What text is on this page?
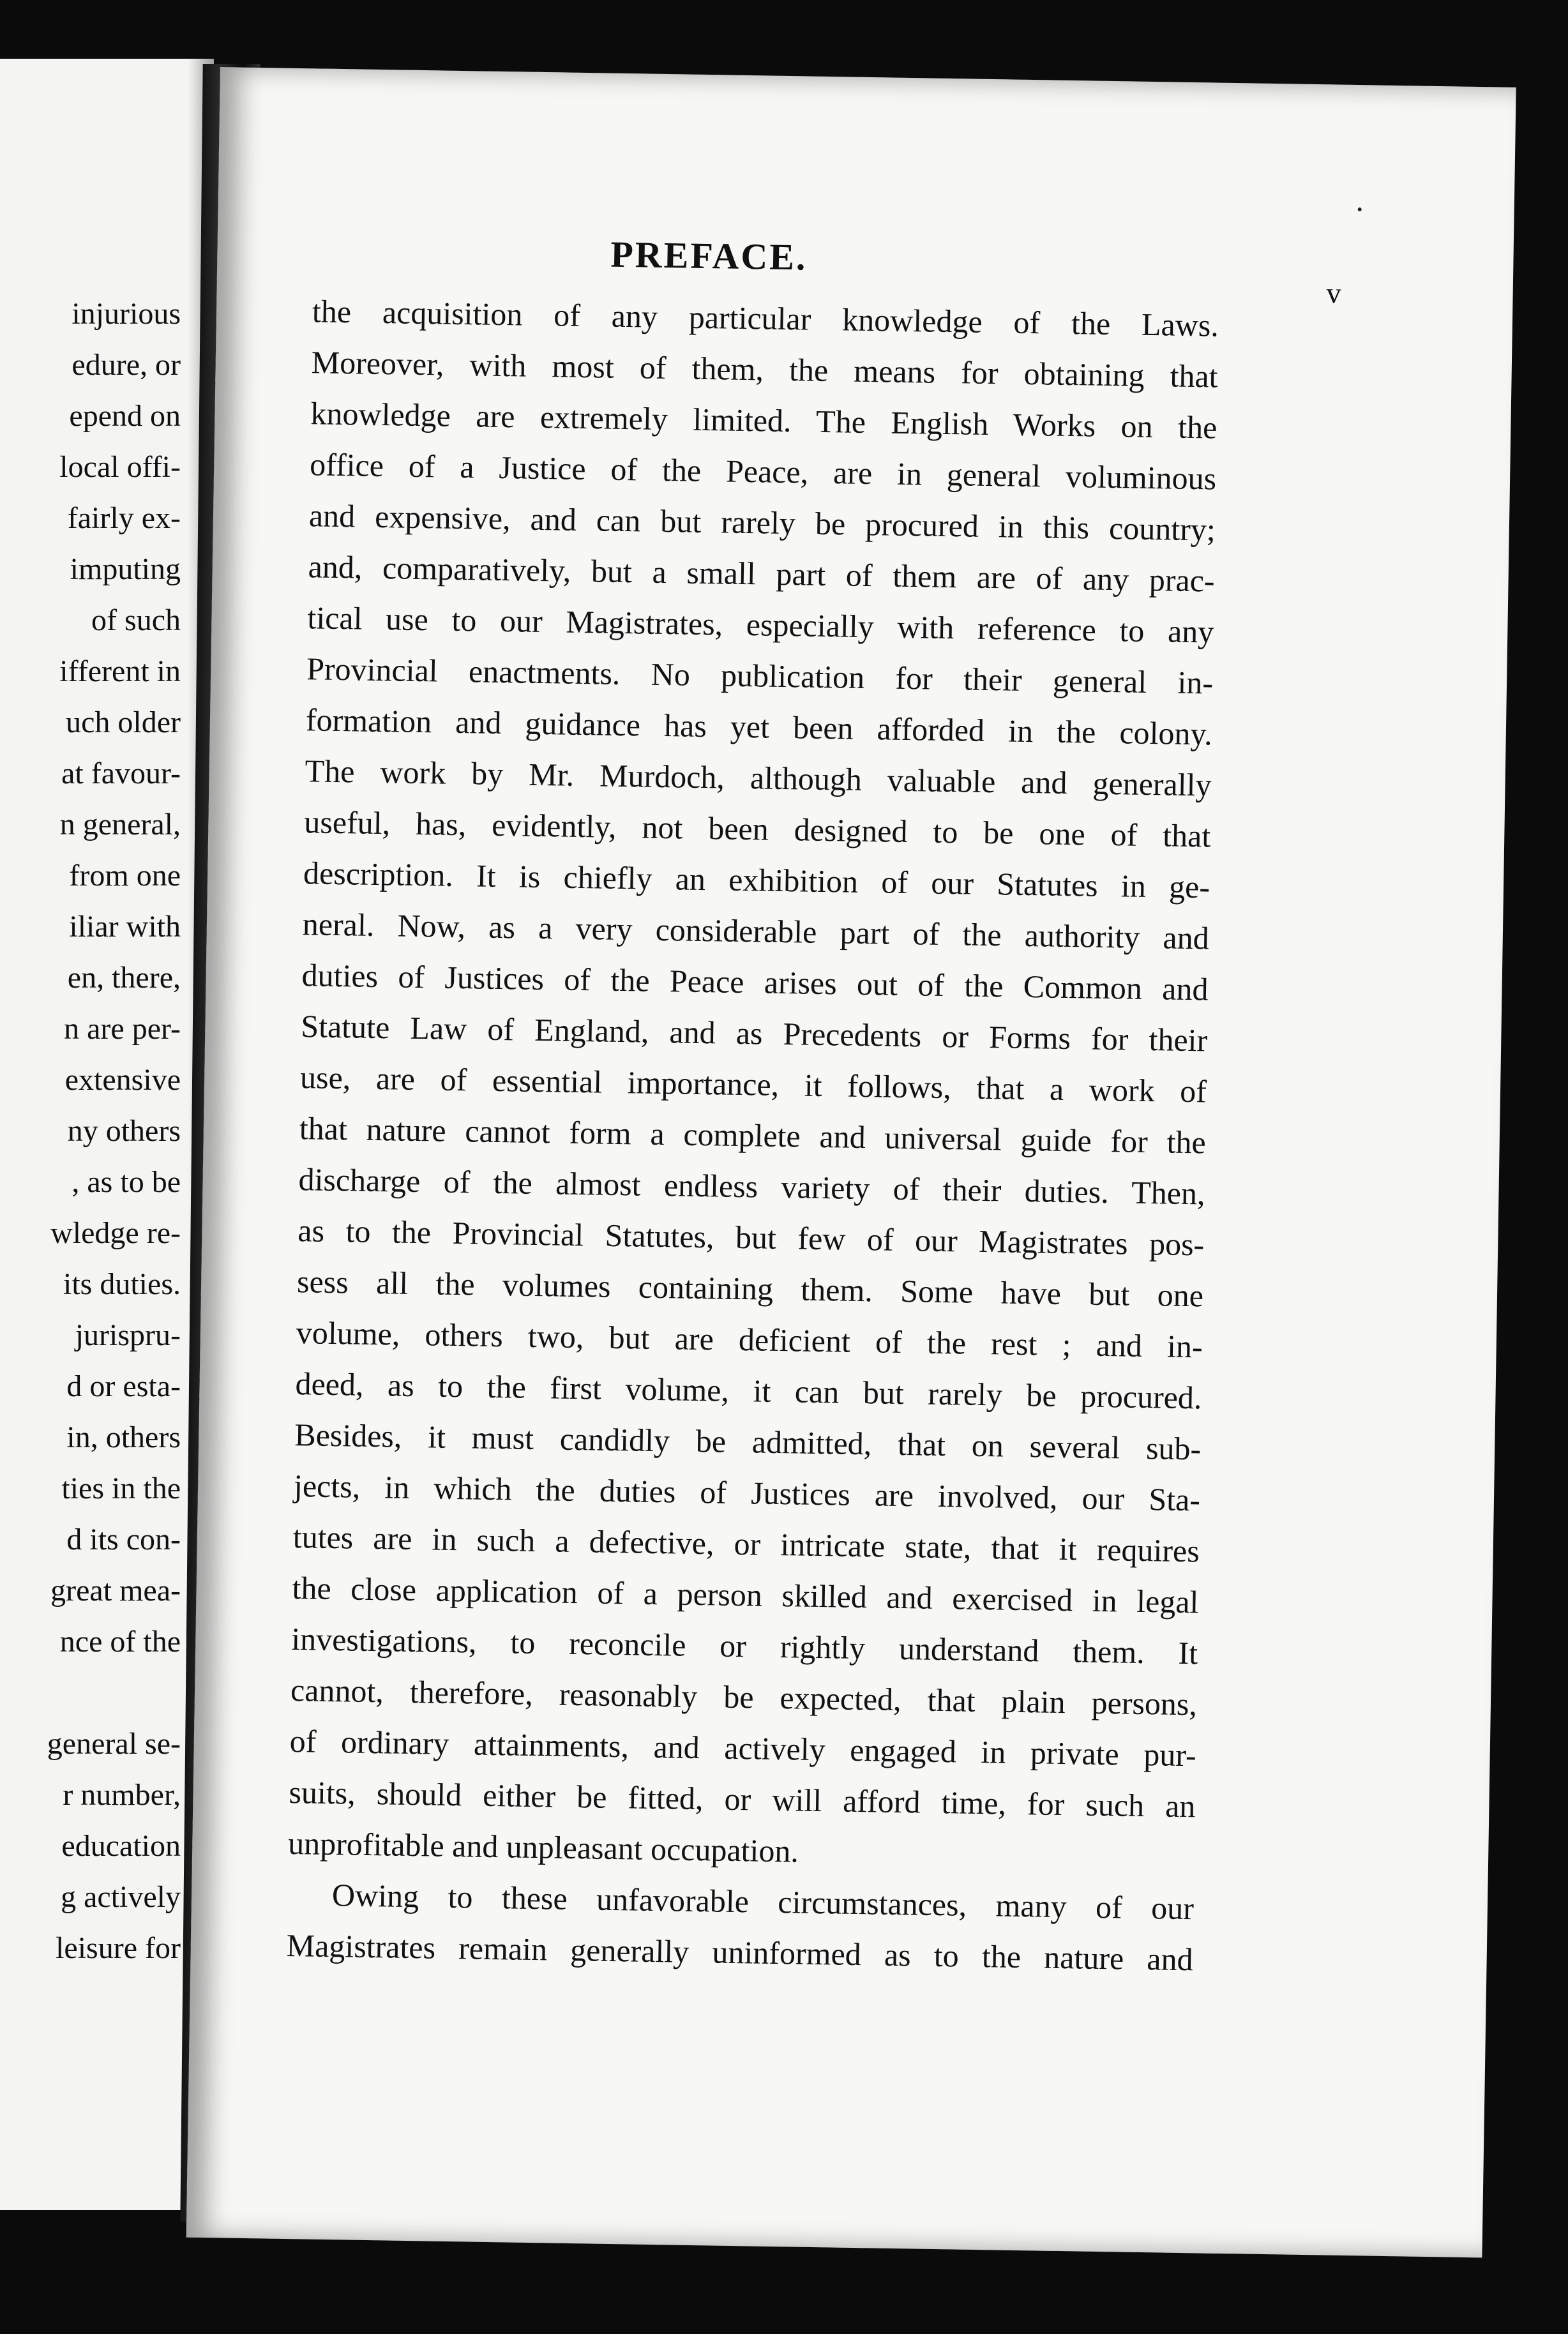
injurious
edure, or
epend on
local offi-
fairly ex-
imputing
of such
ifferent in
uch older
at favour-
n general,
from one
iliar with
en, there,
n are per-
extensive
ny others
, as to be
wledge re-
its duties.
jurispru-
d or esta-
in, others
ties in the
d its con-
great mea-
nce of the
general se-
r number,
education
g actively
leisure for
PREFACE.
v
the acquisition of any particular knowledge of the Laws.
Moreover, with most of them, the means for obtaining that
knowledge are extremely limited. The English Works on the
office of a Justice of the Peace, are in general voluminous
and expensive, and can but rarely be procured in this country;
and, comparatively, but a small part of them are of any prac-
tical use to our Magistrates, especially with reference to any
Provincial enactments. No publication for their general in-
formation and guidance has yet been afforded in the colony.
The work by Mr. Murdoch, although valuable and generally
useful, has, evidently, not been designed to be one of that
description. It is chiefly an exhibition of our Statutes in ge-
neral. Now, as a very considerable part of the authority and
duties of Justices of the Peace arises out of the Common and
Statute Law of England, and as Precedents or Forms for their
use, are of essential importance, it follows, that a work of
that nature cannot form a complete and universal guide for the
discharge of the almost endless variety of their duties. Then,
as to the Provincial Statutes, but few of our Magistrates pos-
sess all the volumes containing them. Some have but one
volume, others two, but are deficient of the rest ; and in-
deed, as to the first volume, it can but rarely be procured.
Besides, it must candidly be admitted, that on several sub-
jects, in which the duties of Justices are involved, our Sta-
tutes are in such a defective, or intricate state, that it requires
the close application of a person skilled and exercised in legal
investigations, to reconcile or rightly understand them. It
cannot, therefore, reasonably be expected, that plain persons,
of ordinary attainments, and actively engaged in private pur-
suits, should either be fitted, or will afford time, for such an
unprofitable and unpleasant occupation.
Owing to these unfavorable circumstances, many of our
Magistrates remain generally uninformed as to the nature and
